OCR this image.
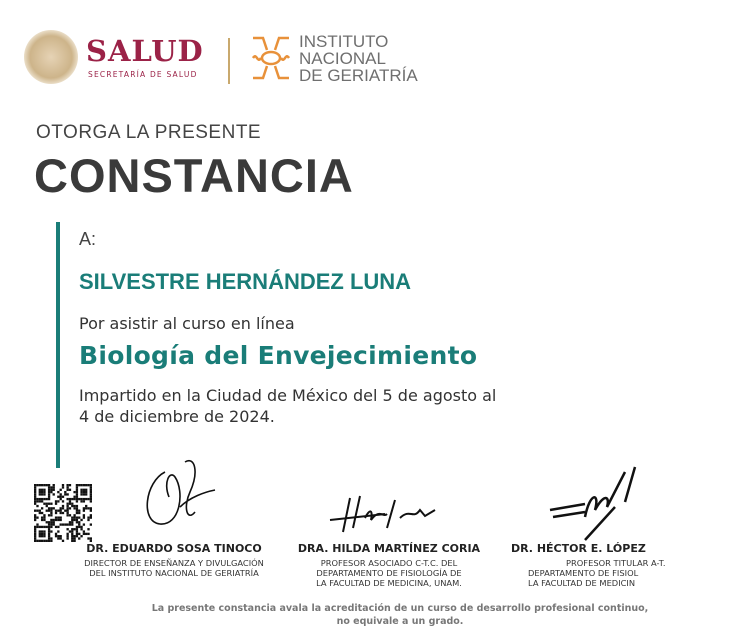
SALUD
SECRETARÍA DE SALUD
INSTITUTO
NACIONAL
DE GERIATRÍA
OTORGA LA PRESENTE
CONSTANCIA
A:
SILVESTRE HERNÁNDEZ LUNA
Por asistir al curso en línea
Biología del Envejecimiento
Impartido en la Ciudad de México del 5 de agosto al
4 de diciembre de 2024.
DR. EDUARDO SOSA TINOCO
DIRECTOR DE ENSEÑANZA Y DIVULGACIÓN
DEL INSTITUTO NACIONAL DE GERIATRÍA
DRA. HILDA MARTÍNEZ CORIA
PROFESOR ASOCIADO C-T.C. DEL
DEPARTAMENTO DE FISIOLOGÍA DE
LA FACULTAD DE MEDICINA, UNAM.
DR. HÉCTOR E. LÓPEZ
PROFESOR TITULAR A-T.
DEPARTAMENTO DE FISIOL
LA FACULTAD DE MEDICIN
La presente constancia avala la acreditación de un curso de desarrollo profesional continuo,
no equivale a un grado.
